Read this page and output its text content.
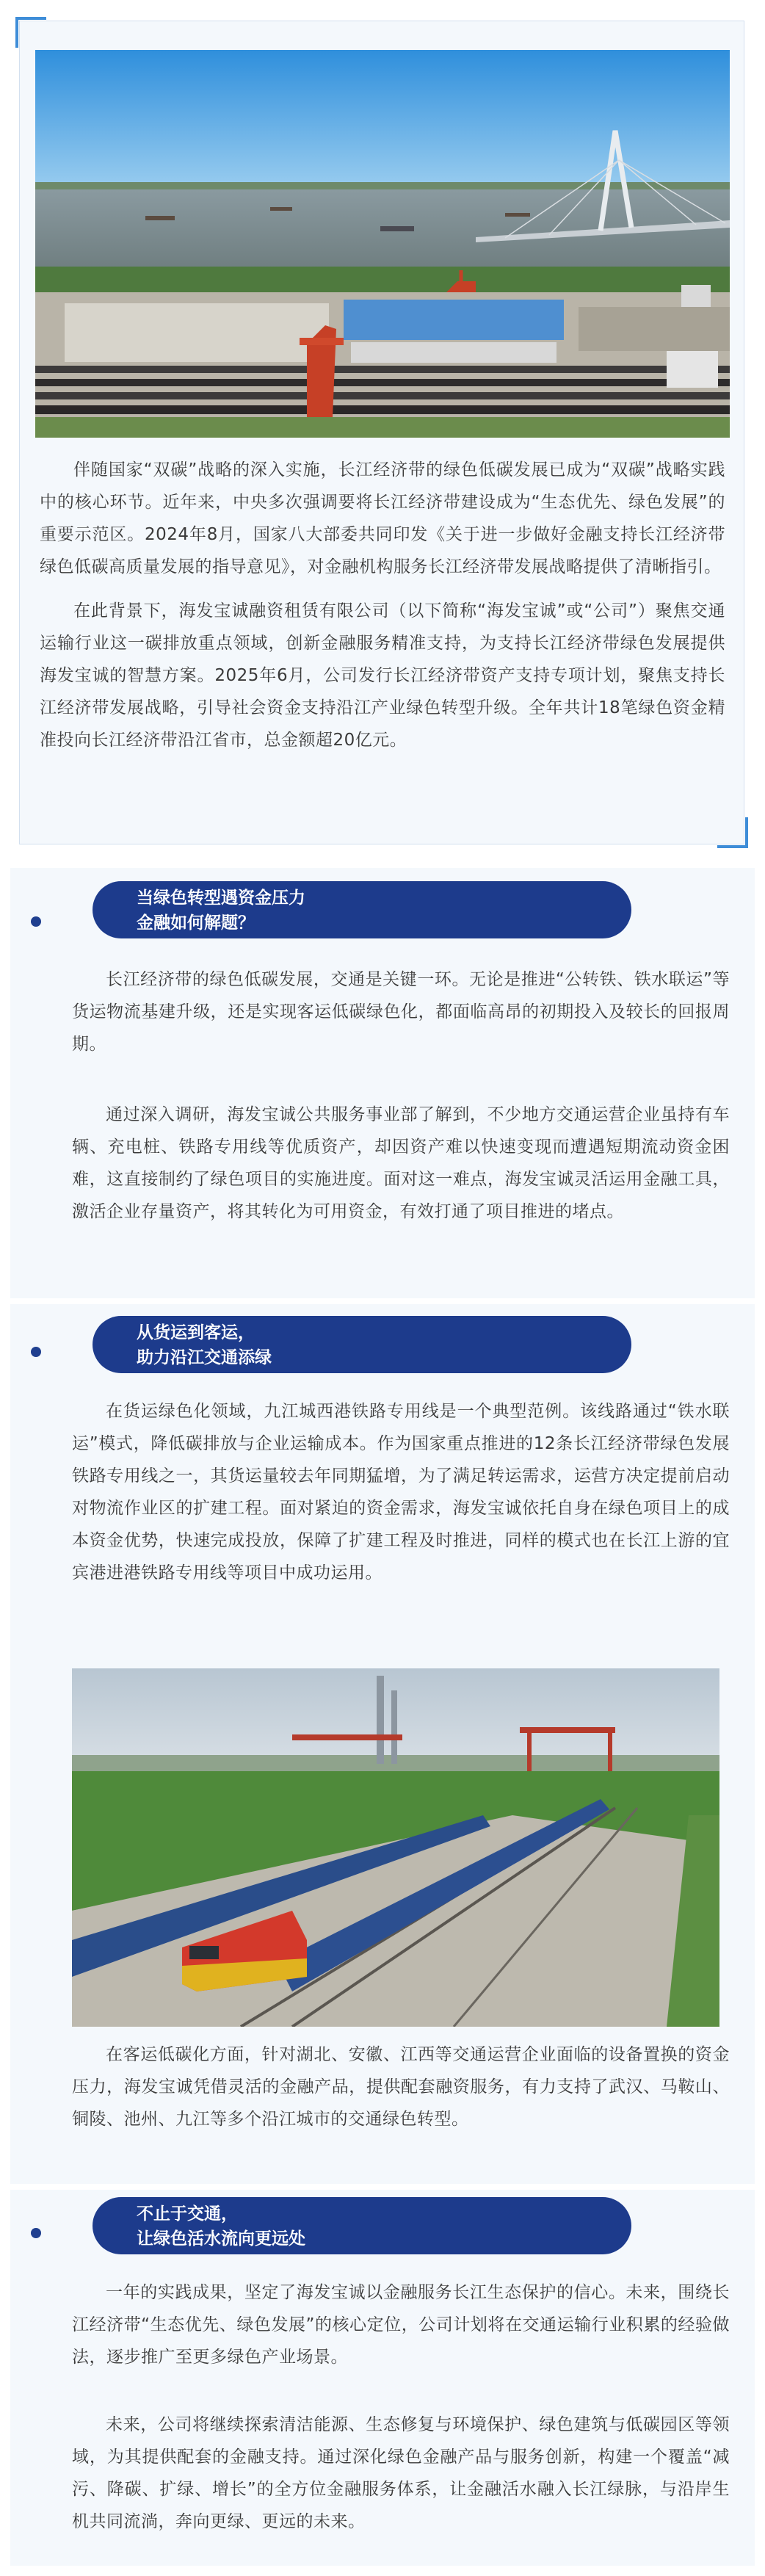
伴随国家“双碳”战略的深入实施，长江经济带的绿色低碳发展已成为“双碳”战略实践中的核心环节。近年来，中央多次强调要将长江经济带建设成为“生态优先、绿色发展”的重要示范区。2024年8月，国家八大部委共同印发《关于进一步做好金融支持长江经济带绿色低碳高质量发展的指导意见》，对金融机构服务长江经济带发展战略提供了清晰指引。

在此背景下，海发宝诚融资租赁有限公司（以下简称“海发宝诚”或“公司”）聚焦交通运输行业这一碳排放重点领域，创新金融服务精准支持，为支持长江经济带绿色发展提供海发宝诚的智慧方案。2025年6月，公司发行长江经济带资产支持专项计划，聚焦支持长江经济带发展战略，引导社会资金支持沿江产业绿色转型升级。全年共计18笔绿色资金精准投向长江经济带沿江省市，总金额超20亿元。

当绿色转型遇资金压力
金融如何解题？

长江经济带的绿色低碳发展，交通是关键一环。无论是推进“公转铁、铁水联运”等货运物流基建升级，还是实现客运低碳绿色化，都面临高昂的初期投入及较长的回报周期。

通过深入调研，海发宝诚公共服务事业部了解到，不少地方交通运营企业虽持有车辆、充电桩、铁路专用线等优质资产，却因资产难以快速变现而遭遇短期流动资金困难，这直接制约了绿色项目的实施进度。面对这一难点，海发宝诚灵活运用金融工具，激活企业存量资产，将其转化为可用资金，有效打通了项目推进的堵点。

从货运到客运，
助力沿江交通添绿

在货运绿色化领域，九江城西港铁路专用线是一个典型范例。该线路通过“铁水联运”模式，降低碳排放与企业运输成本。作为国家重点推进的12条长江经济带绿色发展铁路专用线之一，其货运量较去年同期猛增，为了满足转运需求，运营方决定提前启动对物流作业区的扩建工程。面对紧迫的资金需求，海发宝诚依托自身在绿色项目上的成本资金优势，快速完成投放，保障了扩建工程及时推进，同样的模式也在长江上游的宜宾港进港铁路专用线等项目中成功运用。

在客运低碳化方面，针对湖北、安徽、江西等交通运营企业面临的设备置换的资金压力，海发宝诚凭借灵活的金融产品，提供配套融资服务，有力支持了武汉、马鞍山、铜陵、池州、九江等多个沿江城市的交通绿色转型。

不止于交通，
让绿色活水流向更远处

一年的实践成果，坚定了海发宝诚以金融服务长江生态保护的信心。未来，围绕长江经济带“生态优先、绿色发展”的核心定位，公司计划将在交通运输行业积累的经验做法，逐步推广至更多绿色产业场景。

未来，公司将继续探索清洁能源、生态修复与环境保护、绿色建筑与低碳园区等领域，为其提供配套的金融支持。通过深化绿色金融产品与服务创新，构建一个覆盖“减污、降碳、扩绿、增长”的全方位金融服务体系，让金融活水融入长江绿脉，与沿岸生机共同流淌，奔向更绿、更远的未来。
